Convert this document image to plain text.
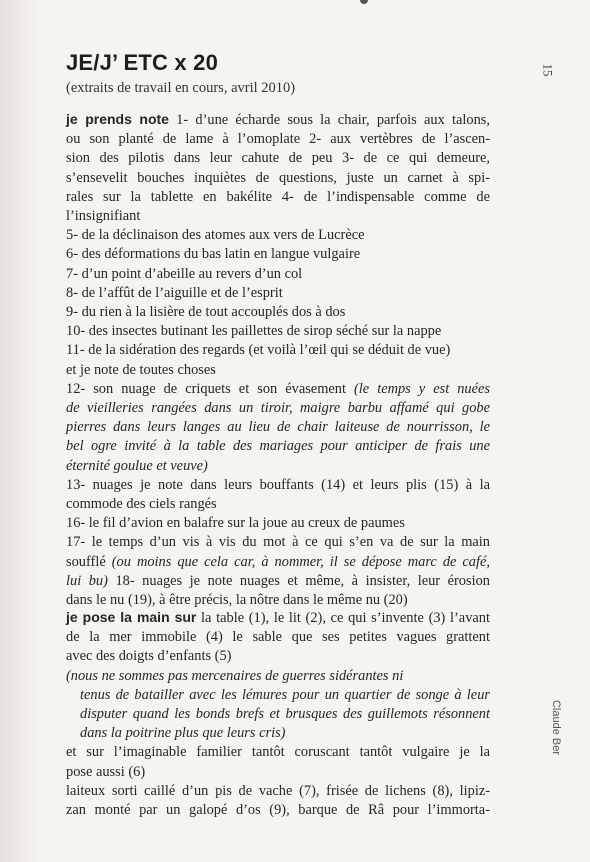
JE/J’ ETC x 20
(extraits de travail en cours, avril 2010)
15
je prends note 1- d’une écharde sous la chair, parfois aux talons,
ou son planté de lame à l’omoplate 2- aux vertèbres de l’ascen-
sion des pilotis dans leur cahute de peu 3- de ce qui demeure,
s’ensevelit bouches inquiètes de questions, juste un carnet à spi-
rales sur la tablette en bakélite 4- de l’indispensable comme de
l’insignifiant
5- de la déclinaison des atomes aux vers de Lucrèce
6- des déformations du bas latin en langue vulgaire
7- d’un point d’abeille au revers d’un col
8- de l’affût de l’aiguille et de l’esprit
9- du rien à la lisière de tout accouplés dos à dos
10- des insectes butinant les paillettes de sirop séché sur la nappe
11- de la sidération des regards (et voilà l’œil qui se déduit de vue)
et je note de toutes choses
12- son nuage de criquets et son évasement (le temps y est nuées
de vieilleries rangées dans un tiroir, maigre barbu affamé qui gobe
pierres dans leurs langes au lieu de chair laiteuse de nourrisson, le
bel ogre invité à la table des mariages pour anticiper de frais une
éternité goulue et veuve)
13- nuages je note dans leurs bouffants (14) et leurs plis (15) à la
commode des ciels rangés
16- le fil d’avion en balafre sur la joue au creux de paumes
17- le temps d’un vis à vis du mot à ce qui s’en va de sur la main
soufflé (ou moins que cela car, à nommer, il se dépose marc de café,
lui bu) 18- nuages je note nuages et même, à insister, leur érosion
dans le nu (19), à être précis, la nôtre dans le même nu (20)
je pose la main sur la table (1), le lit (2), ce qui s’invente (3) l’avant
de la mer immobile (4) le sable que ses petites vagues grattent
avec des doigts d’enfants (5)
(nous ne sommes pas mercenaires de guerres sidérantes ni
tenus de batailler avec les lémures pour un quartier de songe à leur
disputer quand les bonds brefs et brusques des guillemots résonnent
dans la poitrine plus que leurs cris)
et sur l’imaginable familier tantôt coruscant tantôt vulgaire je la
pose aussi (6)
laiteux sorti caillé d’un pis de vache (7), frisée de lichens (8), lipiz-
zan monté par un galopé d’os (9), barque de Râ pour l’immorta-
Claude Ber
